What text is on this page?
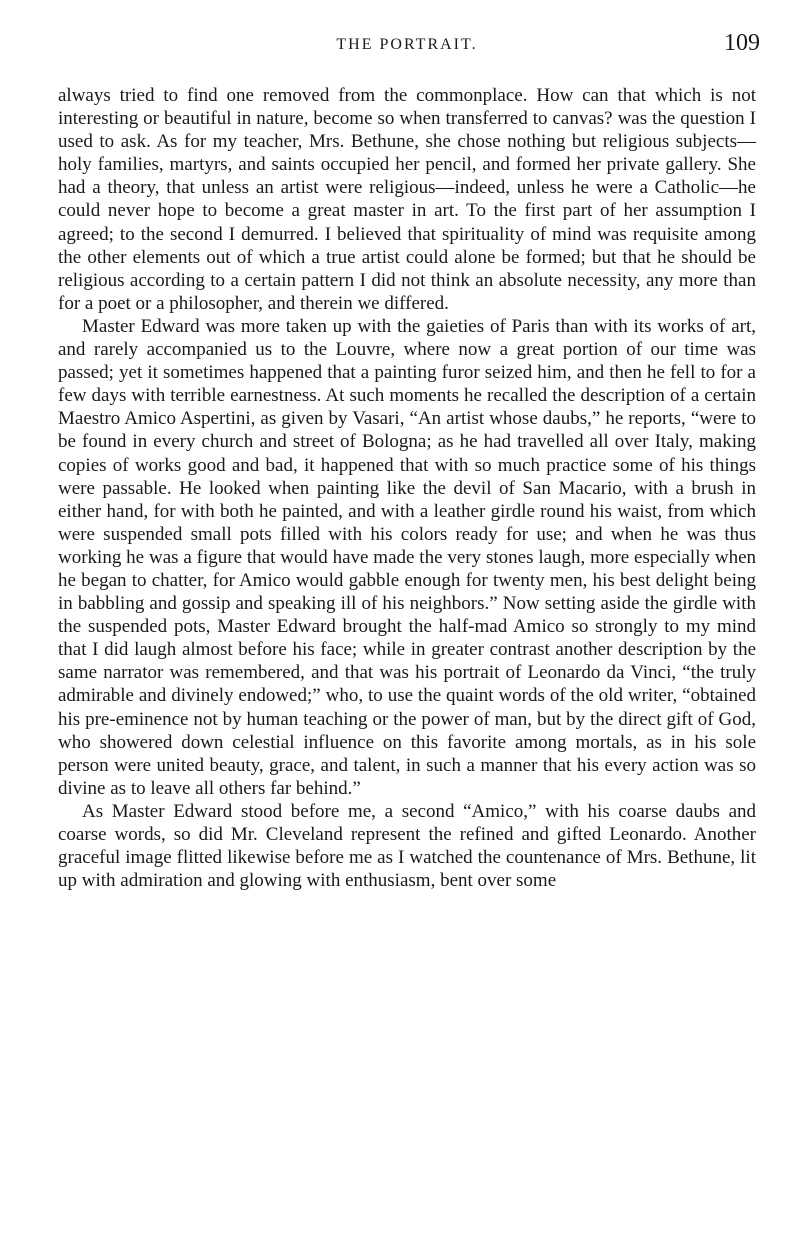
THE PORTRAIT.	109

always tried to find one removed from the commonplace. How can that which is not interesting or beautiful in nature, become so when transferred to canvas? was the question I used to ask. As for my teacher, Mrs. Bethune, she chose nothing but religious subjects—holy families, martyrs, and saints occupied her pencil, and formed her private gallery. She had a theory, that unless an artist were religious—indeed, unless he were a Catholic—he could never hope to become a great master in art. To the first part of her assumption I agreed; to the second I demurred. I believed that spirituality of mind was requisite among the other elements out of which a true artist could alone be formed; but that he should be religious according to a certain pattern I did not think an absolute necessity, any more than for a poet or a philosopher, and therein we differed.

Master Edward was more taken up with the gaieties of Paris than with its works of art, and rarely accompanied us to the Louvre, where now a great portion of our time was passed; yet it sometimes happened that a painting furor seized him, and then he fell to for a few days with terrible earnestness. At such moments he recalled the description of a certain Maestro Amico Aspertini, as given by Vasari, “An artist whose daubs,” he reports, “were to be found in every church and street of Bologna; as he had travelled all over Italy, making copies of works good and bad, it happened that with so much practice some of his things were passable. He looked when painting like the devil of San Macario, with a brush in either hand, for with both he painted, and with a leather girdle round his waist, from which were suspended small pots filled with his colors ready for use; and when he was thus working he was a figure that would have made the very stones laugh, more especially when he began to chatter, for Amico would gabble enough for twenty men, his best delight being in babbling and gossip and speaking ill of his neighbors.” Now setting aside the girdle with the suspended pots, Master Edward brought the half-mad Amico so strongly to my mind that I did laugh almost before his face; while in greater contrast another description by the same narrator was remembered, and that was his portrait of Leonardo da Vinci, “the truly admirable and divinely endowed;” who, to use the quaint words of the old writer, “obtained his pre-eminence not by human teaching or the power of man, but by the direct gift of God, who showered down celestial influence on this favorite among mortals, as in his sole person were united beauty, grace, and talent, in such a manner that his every action was so divine as to leave all others far behind.”

As Master Edward stood before me, a second “Amico,” with his coarse daubs and coarse words, so did Mr. Cleveland represent the refined and gifted Leonardo. Another graceful image flitted likewise before me as I watched the countenance of Mrs. Bethune, lit up with admiration and glowing with enthusiasm, bent over some
